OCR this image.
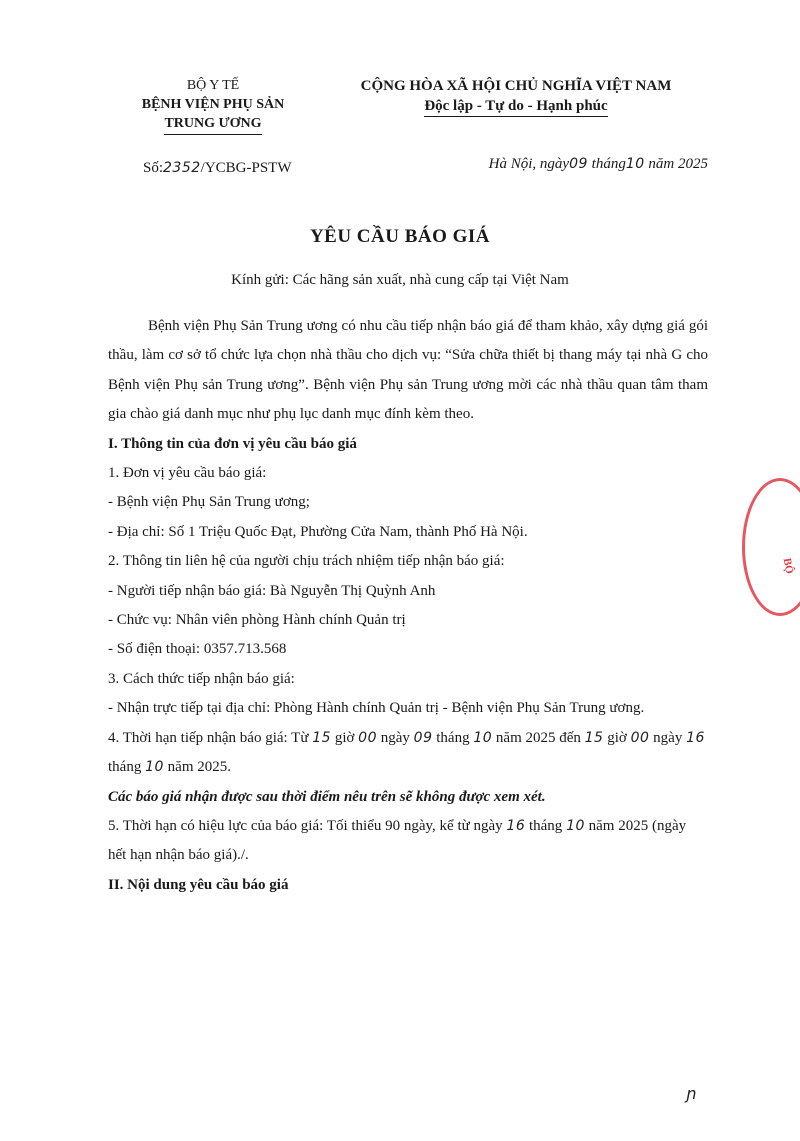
BỘ Y TẾ
BỆNH VIỆN PHỤ SẢN
TRUNG ƯƠNG
CỘNG HÒA XÃ HỘI CHỦ NGHĨA VIỆT NAM
Độc lập - Tự do - Hạnh phúc
Số:2352/YCBG-PSTW	Hà Nội, ngày09 tháng10 năm 2025
YÊU CẦU BÁO GIÁ
Kính gửi: Các hãng sản xuất, nhà cung cấp tại Việt Nam

Bệnh viện Phụ Sản Trung ương có nhu cầu tiếp nhận báo giá để tham khảo, xây dựng giá gói thầu, làm cơ sở tổ chức lựa chọn nhà thầu cho dịch vụ: “Sửa chữa thiết bị thang máy tại nhà G cho Bệnh viện Phụ sản Trung ương”. Bệnh viện Phụ sản Trung ương mời các nhà thầu quan tâm tham gia chào giá danh mục như phụ lục danh mục đính kèm theo.

I. Thông tin của đơn vị yêu cầu báo giá

1. Đơn vị yêu cầu báo giá:

- Bệnh viện Phụ Sản Trung ương;

- Địa chỉ: Số 1 Triệu Quốc Đạt, Phường Cửa Nam, thành Phố Hà Nội.

2. Thông tin liên hệ của người chịu trách nhiệm tiếp nhận báo giá:

- Người tiếp nhận báo giá: Bà Nguyễn Thị Quỳnh Anh

- Chức vụ: Nhân viên phòng Hành chính Quản trị

- Số điện thoại: 0357.713.568

3. Cách thức tiếp nhận báo giá:

- Nhận trực tiếp tại địa chỉ: Phòng Hành chính Quản trị - Bệnh viện Phụ Sản Trung ương.

4. Thời hạn tiếp nhận báo giá: Từ 15 giờ 00 ngày 09 tháng 10 năm 2025 đến 15 giờ 00 ngày 16 tháng 10 năm 2025.

Các báo giá nhận được sau thời điểm nêu trên sẽ không được xem xét.

5. Thời hạn có hiệu lực của báo giá: Tối thiểu 90 ngày, kể từ ngày 16 tháng 10 năm 2025 (ngày hết hạn nhận báo giá)./.

II. Nội dung yêu cầu báo giá

BỘ
ɲ
